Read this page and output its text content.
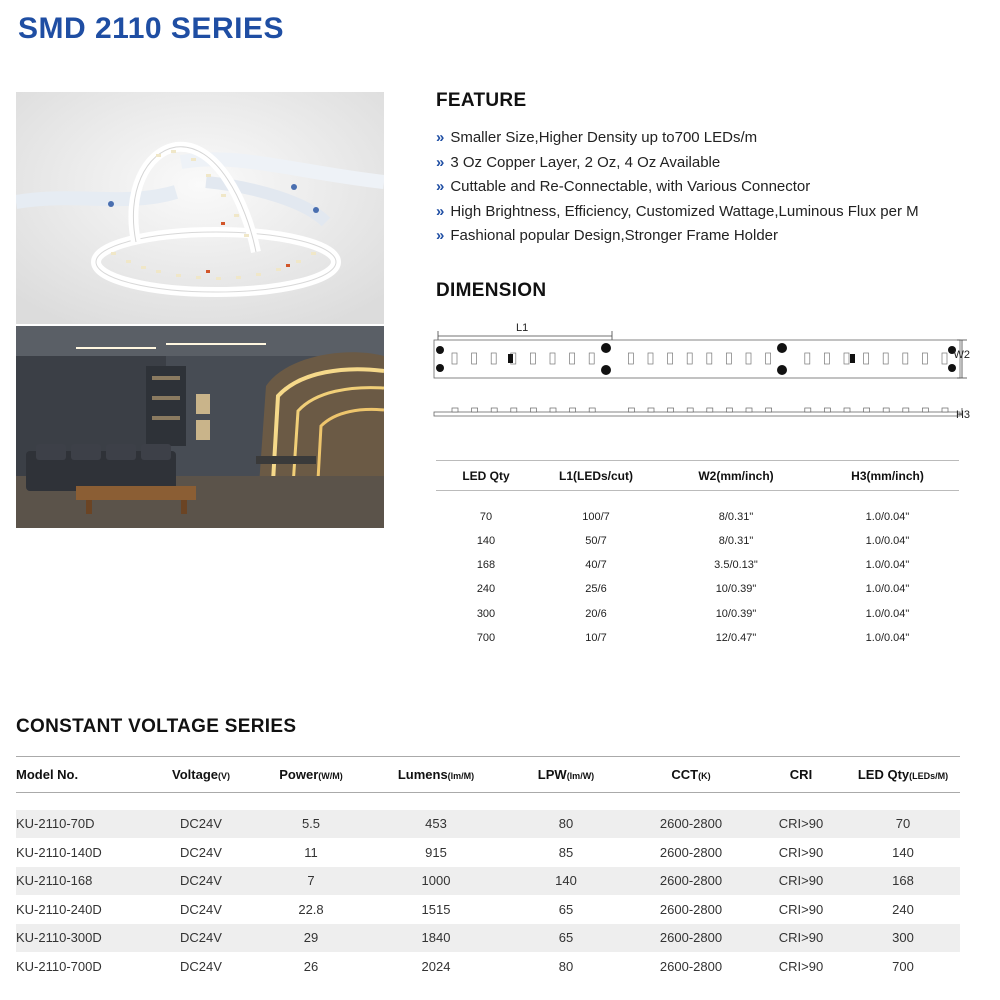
SMD 2110 SERIES
FEATURE
» Smaller Size,Higher Density up to700 LEDs/m
» 3 Oz Copper Layer, 2 Oz, 4 Oz Available
» Cuttable and Re-Connectable, with Various Connector
» High Brightness, Efficiency, Customized Wattage,Luminous Flux per M
» Fashional popular Design,Stronger Frame Holder
DIMENSION
L1
W2
H3
LED Qty	L1(LEDs/cut)	W2(mm/inch)	H3(mm/inch)
70	100/7	8/0.31"	1.0/0.04"
140	50/7	8/0.31"	1.0/0.04"
168	40/7	3.5/0.13"	1.0/0.04"
240	25/6	10/0.39"	1.0/0.04"
300	20/6	10/0.39"	1.0/0.04"
700	10/7	12/0.47"	1.0/0.04"
CONSTANT VOLTAGE SERIES
Model No.	Voltage(V)	Power(W/M)	Lumens(lm/M)	LPW(lm/W)	CCT(K)	CRI	LED Qty(LEDs/M)

KU-2110-70D	DC24V	5.5	453	80	2600-2800	CRI>90	70
KU-2110-140D	DC24V	11	915	85	2600-2800	CRI>90	140
KU-2110-168	DC24V	7	1000	140	2600-2800	CRI>90	168
KU-2110-240D	DC24V	22.8	1515	65	2600-2800	CRI>90	240
KU-2110-300D	DC24V	29	1840	65	2600-2800	CRI>90	300
KU-2110-700D	DC24V	26	2024	80	2600-2800	CRI>90	700
